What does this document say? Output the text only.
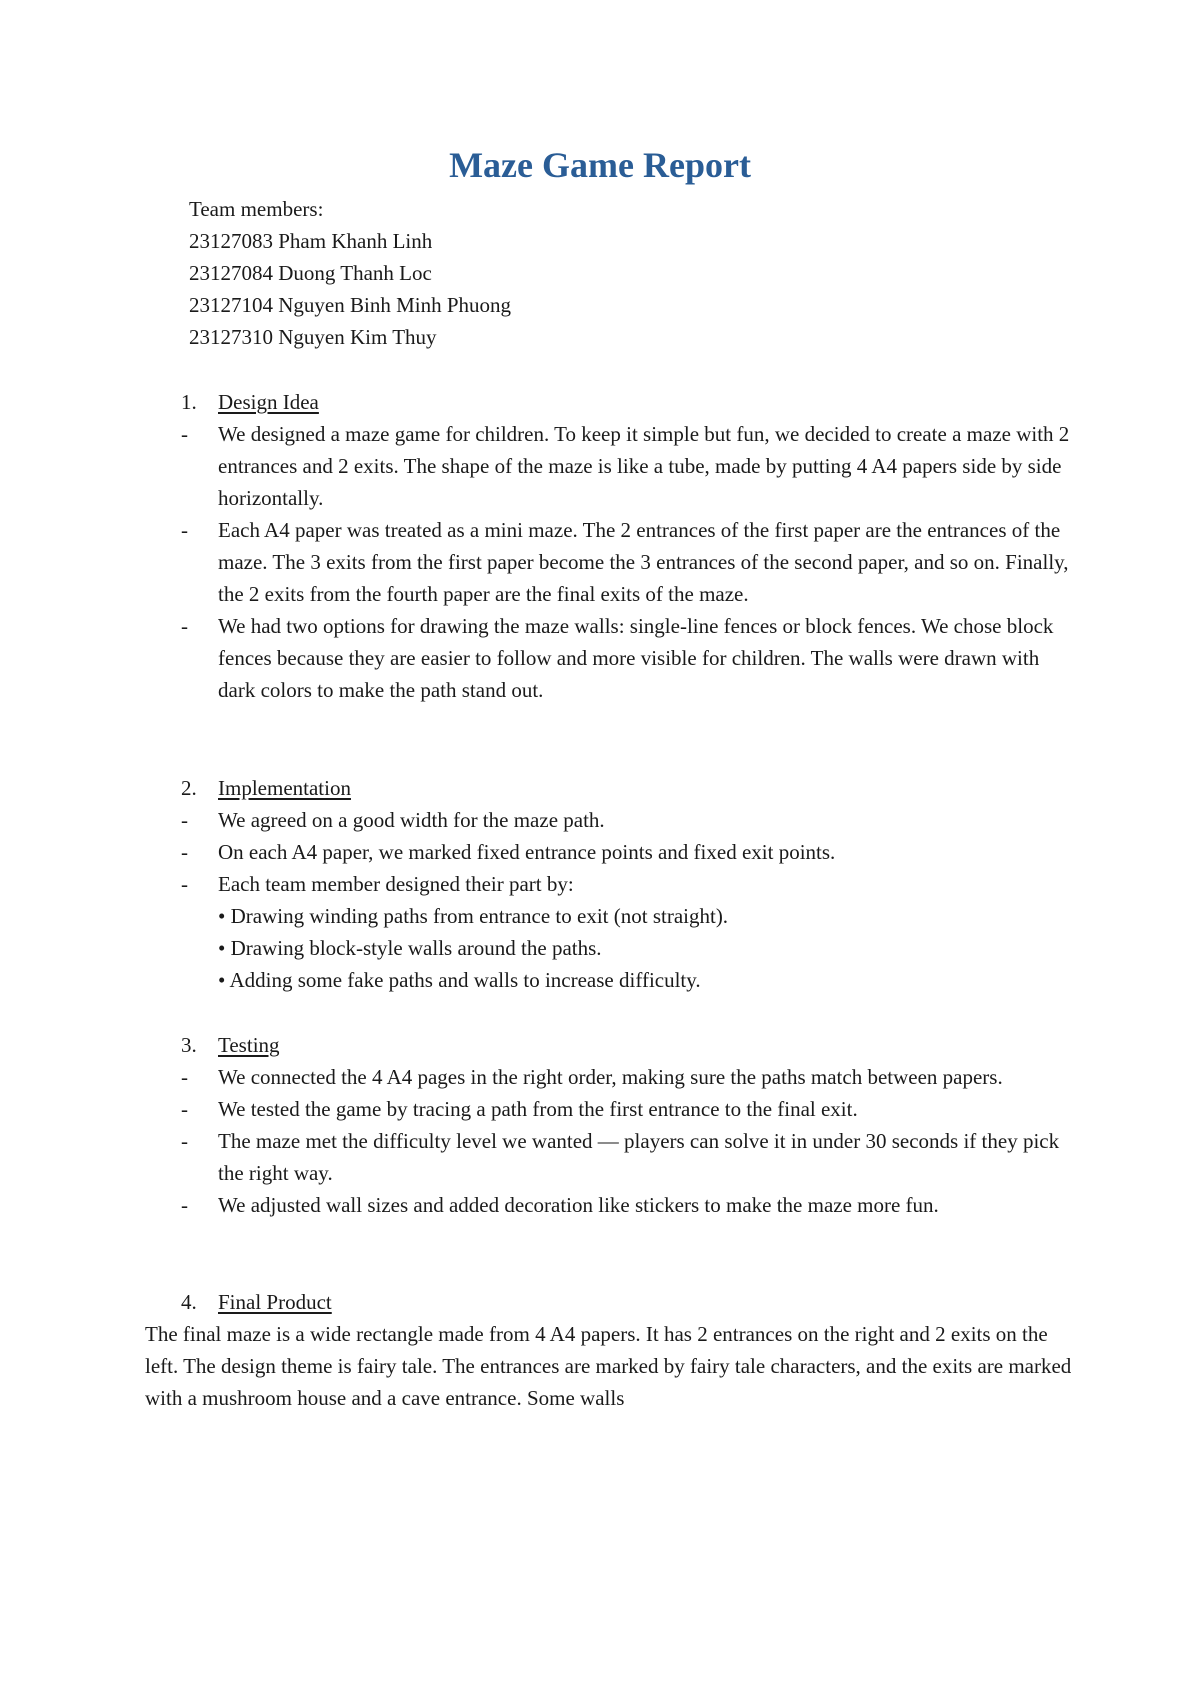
Maze Game Report
Team members:
23127083 Pham Khanh Linh
23127084 Duong Thanh Loc
23127104 Nguyen Binh Minh Phuong
23127310 Nguyen Kim Thuy
1. Design Idea
-	We designed a maze game for children. To keep it simple but fun, we decided to create a maze with 2 entrances and 2 exits. The shape of the maze is like a tube, made by putting 4 A4 papers side by side horizontally.
-	Each A4 paper was treated as a mini maze. The 2 entrances of the first paper are the entrances of the maze. The 3 exits from the first paper become the 3 entrances of the second paper, and so on. Finally, the 2 exits from the fourth paper are the final exits of the maze.
-	We had two options for drawing the maze walls: single-line fences or block fences. We chose block fences because they are easier to follow and more visible for children. The walls were drawn with dark colors to make the path stand out.
2. Implementation
-	We agreed on a good width for the maze path.
-	On each A4 paper, we marked fixed entrance points and fixed exit points.
-	Each team member designed their part by:
• Drawing winding paths from entrance to exit (not straight).
• Drawing block-style walls around the paths.
• Adding some fake paths and walls to increase difficulty.
3. Testing
-	We connected the 4 A4 pages in the right order, making sure the paths match between papers.
-	We tested the game by tracing a path from the first entrance to the final exit.
-	The maze met the difficulty level we wanted — players can solve it in under 30 seconds if they pick the right way.
-	We adjusted wall sizes and added decoration like stickers to make the maze more fun.
4. Final Product

The final maze is a wide rectangle made from 4 A4 papers. It has 2 entrances on the right and 2 exits on the left. The design theme is fairy tale. The entrances are marked by fairy tale characters, and the exits are marked with a mushroom house and a cave entrance. Some walls
